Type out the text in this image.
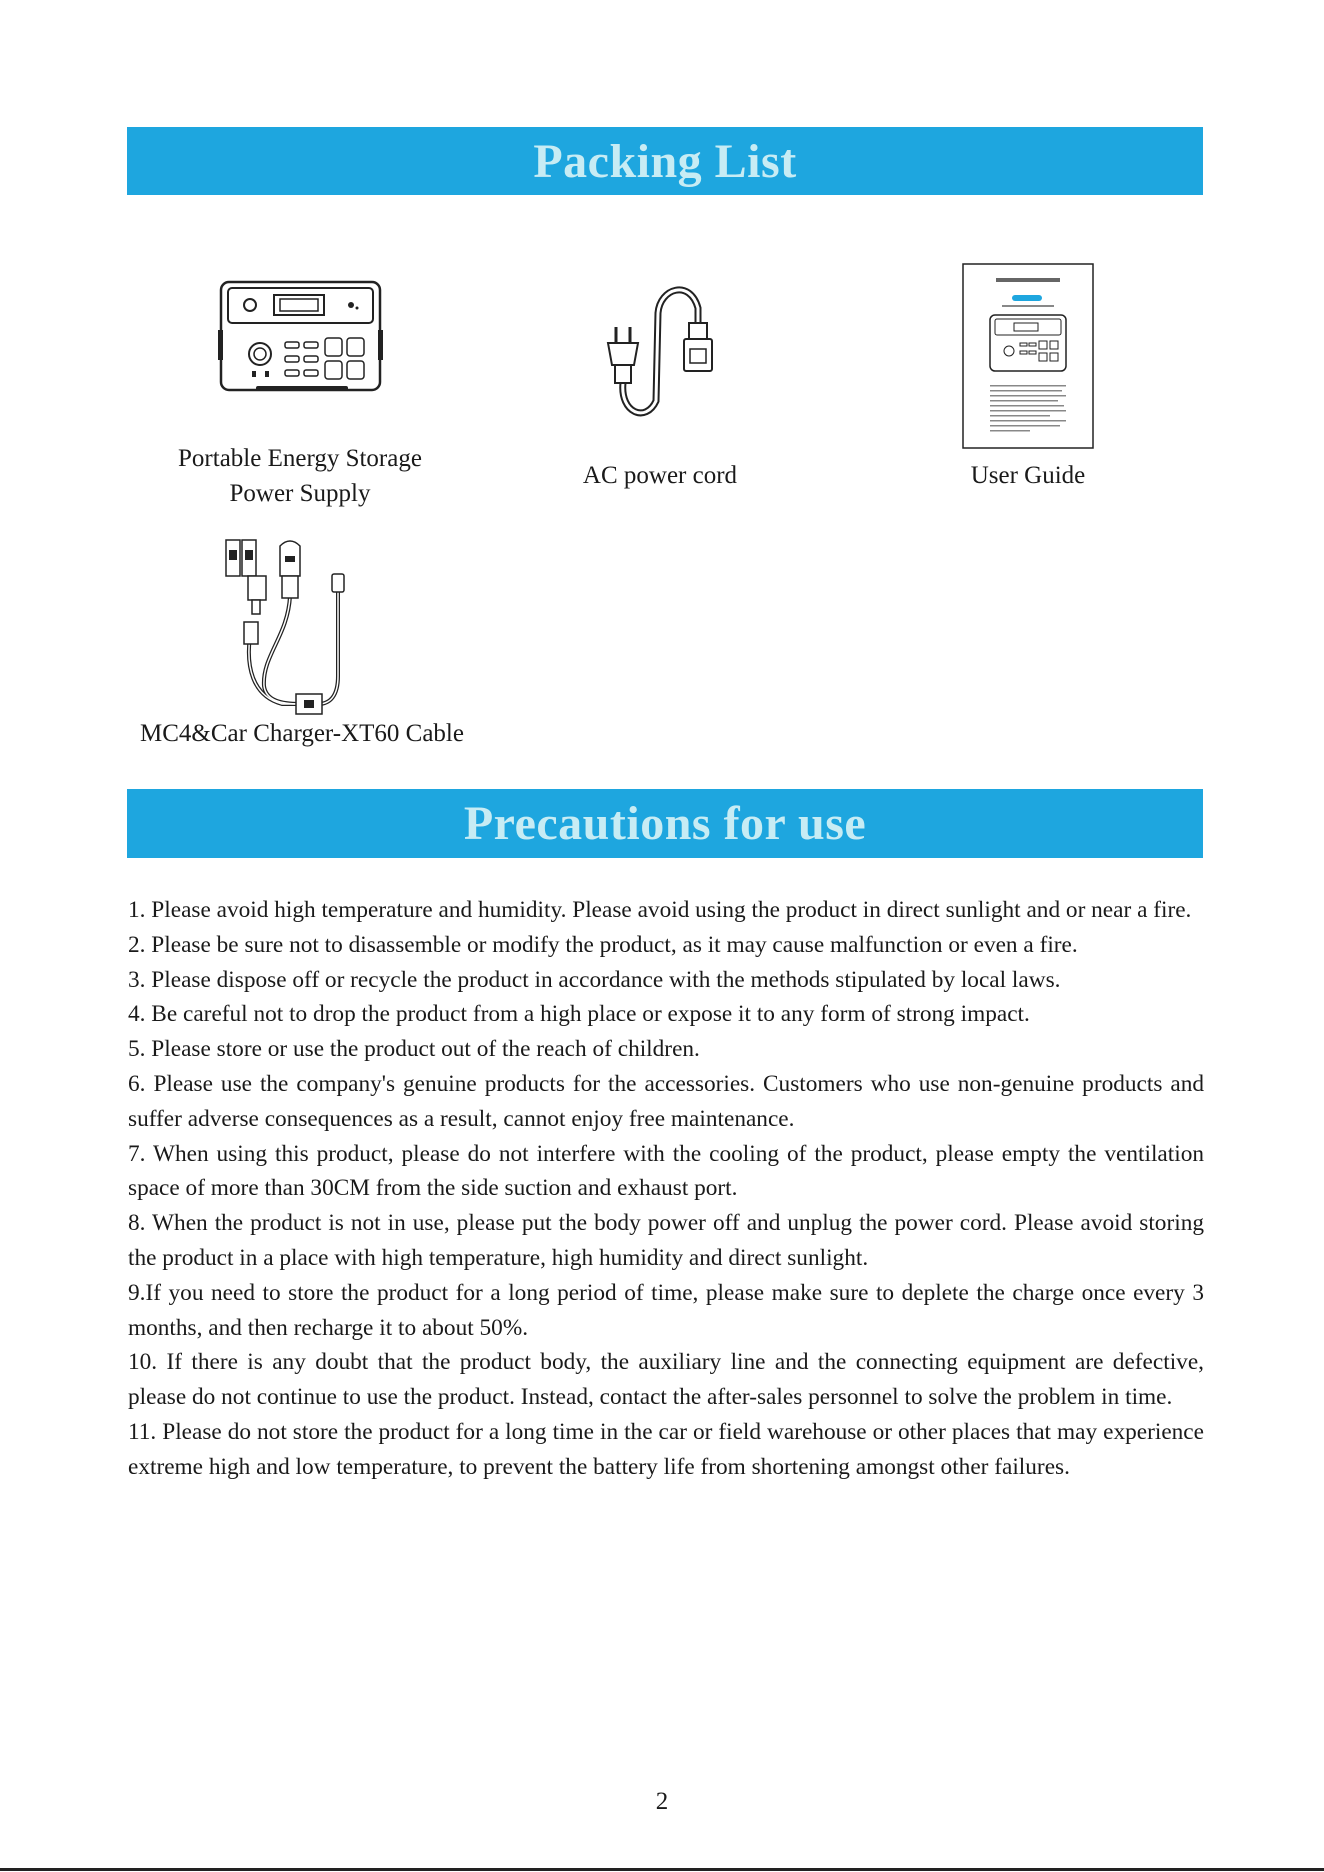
Packing List
Portable Energy Storage
Power Supply
AC power cord	User Guide
MC4&Car Charger-XT60 Cable
Precautions for use
1. Please avoid high temperature and humidity. Please avoid using the product in direct sunlight and or near a fire.
2. Please be sure not to disassemble or modify the product, as it may cause malfunction or even a fire.
3. Please dispose off or recycle the product in accordance with the methods stipulated by local laws.
4. Be careful not to drop the product from a high place or expose it to any form of strong impact.
5. Please store or use the product out of the reach of children.
6. Please use the company's genuine products for the accessories. Customers who use non-genuine products and suffer adverse consequences as a result, cannot enjoy free maintenance.
7. When using this product, please do not interfere with the cooling of the product, please empty the ventilation space of more than 30CM from the side suction and exhaust port.
8. When the product is not in use, please put the body power off and unplug the power cord. Please avoid storing the product in a place with high temperature, high humidity and direct sunlight.
9.If you need to store the product for a long period of time, please make sure to deplete the charge once every 3 months, and then recharge it to about 50%.
10. If there is any doubt that the product body, the auxiliary line and the connecting equipment are defective, please do not continue to use the product. Instead, contact the after-sales personnel to solve the problem in time.
11. Please do not store the product for a long time in the car or field warehouse or other places that may experience extreme high and low temperature, to prevent the battery life from shortening amongst other failures.
2
